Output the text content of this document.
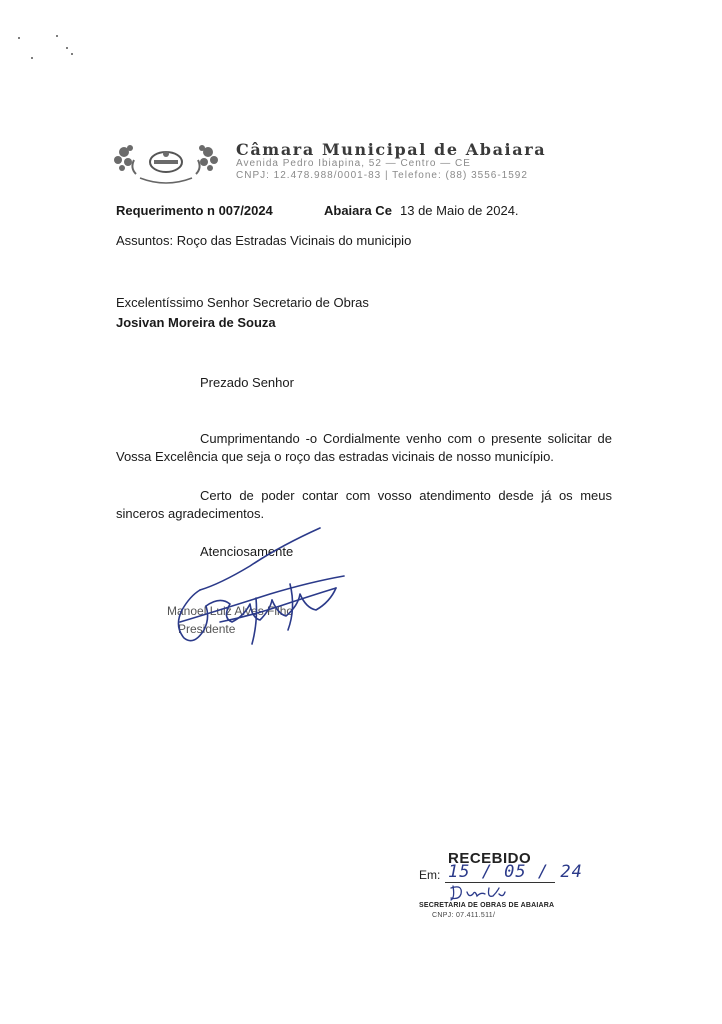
Câmara Municipal de Abaiara
Avenida Pedro Ibiapina, 52 — Centro — CE
CNPJ: 12.478.988/0001-83 | Telefone: (88) 3556-1592
Requerimento n 007/2024	Abaiara Ce 13 de Maio de 2024.
Assuntos: Roço das Estradas Vicinais do municipio
Excelentíssimo Senhor Secretario de Obras
Josivan Moreira de Souza
Prezado Senhor
Cumprimentando -o Cordialmente venho com o presente solicitar de
Vossa Excelência que seja o roço das estradas vicinais de nosso município.
Certo de poder contar com vosso atendimento desde já os meus
sinceros agradecimentos.
Atenciosamente
Manoel Luiz Alves Filho
Presidente
RECEBIDO
Em: 15 / 05 / 24
SECRETARIA DE OBRAS DE ABAIARA
CNPJ: 07.411.511/
